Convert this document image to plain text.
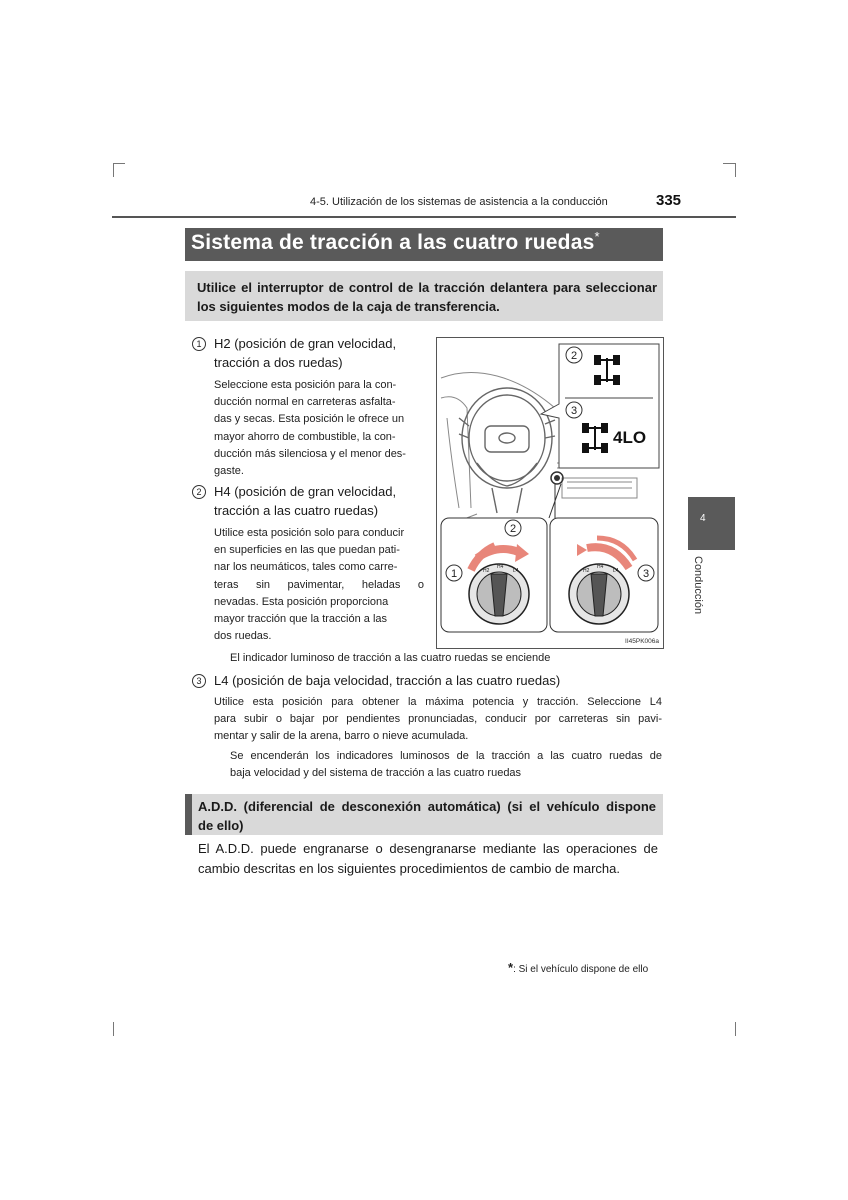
4-5. Utilización de los sistemas de asistencia a la conducción	335
Sistema de tracción a las cuatro ruedas*
Utilice el interruptor de control de la tracción delantera para seleccionar los siguientes modos de la caja de transferencia.
1 H2 (posición de gran velocidad,
tracción a dos ruedas)
Seleccione esta posición para la con-
ducción normal en carreteras asfalta-
das y secas. Esta posición le ofrece un
mayor ahorro de combustible, la con-
ducción más silenciosa y el menor des-
gaste.
2 H4 (posición de gran velocidad,
tracción a las cuatro ruedas)
Utilice esta posición solo para conducir
en superficies en las que puedan pati-
nar los neumáticos, tales como carre-
teras sin pavimentar, heladas o
nevadas. Esta posición proporciona
mayor tracción que la tracción a las
dos ruedas.
El indicador luminoso de tracción a las cuatro ruedas se enciende
3 L4 (posición de baja velocidad, tracción a las cuatro ruedas)
Utilice esta posición para obtener la máxima potencia y tracción. Seleccione L4
para subir o bajar por pendientes pronunciadas, conducir por carreteras sin pavi-
mentar y salir de la arena, barro o nieve acumulada.
Se encenderán los indicadores luminosos de la tracción a las cuatro ruedas de
baja velocidad y del sistema de tracción a las cuatro ruedas
2
3
4LO
H2
H4
L4
1
2
H2
H4
L4 3
II45PK006a
4
Conducción
A.D.D. (diferencial de desconexión automática) (si el vehículo dispone
de ello)
El A.D.D. puede engranarse o desengranarse mediante las operaciones de
cambio descritas en los siguientes procedimientos de cambio de marcha.
*: Si el vehículo dispone de ello
